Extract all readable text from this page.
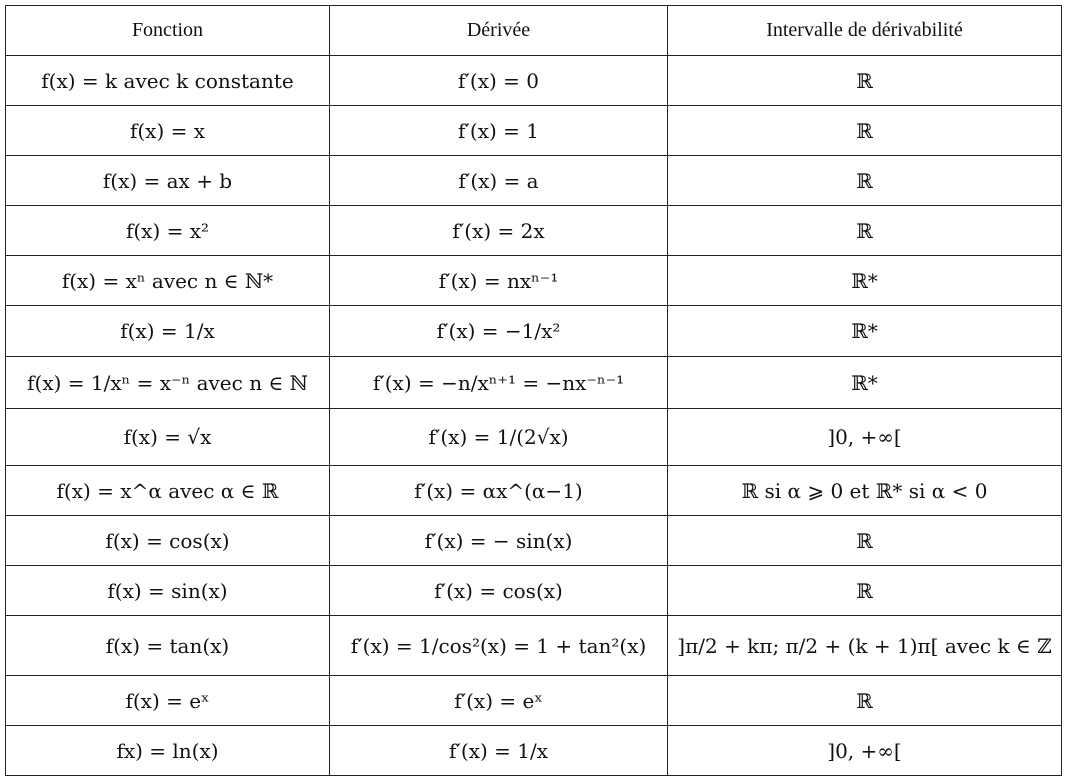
Fonction	Dérivée	Intervalle de dérivabilité
f(x) = k avec k constante	f′(x) = 0	ℝ
f(x) = x	f′(x) = 1	ℝ
f(x) = ax + b	f′(x) = a	ℝ
f(x) = x²	f′(x) = 2x	ℝ
f(x) = xⁿ avec n ∈ ℕ*	f′(x) = nxⁿ⁻¹	ℝ*
f(x) = 1/x	f′(x) = −1/x²	ℝ*
f(x) = 1/xⁿ = x⁻ⁿ avec n ∈ ℕ	f′(x) = −n/xⁿ⁺¹ = −nx⁻ⁿ⁻¹	ℝ*
f(x) = √x	f′(x) = 1/(2√x)	]0, +∞[
f(x) = x^α avec α ∈ ℝ	f′(x) = αx^(α−1)	ℝ si α ⩾ 0 et ℝ* si α < 0
f(x) = cos(x)	f′(x) = − sin(x)	ℝ
f(x) = sin(x)	f′(x) = cos(x)	ℝ
f(x) = tan(x)	f′(x) = 1/cos²(x) = 1 + tan²(x)	]π/2 + kπ; π/2 + (k + 1)π[ avec k ∈ ℤ
f(x) = eˣ	f′(x) = eˣ	ℝ
fx) = ln(x)	f′(x) = 1/x	]0, +∞[
